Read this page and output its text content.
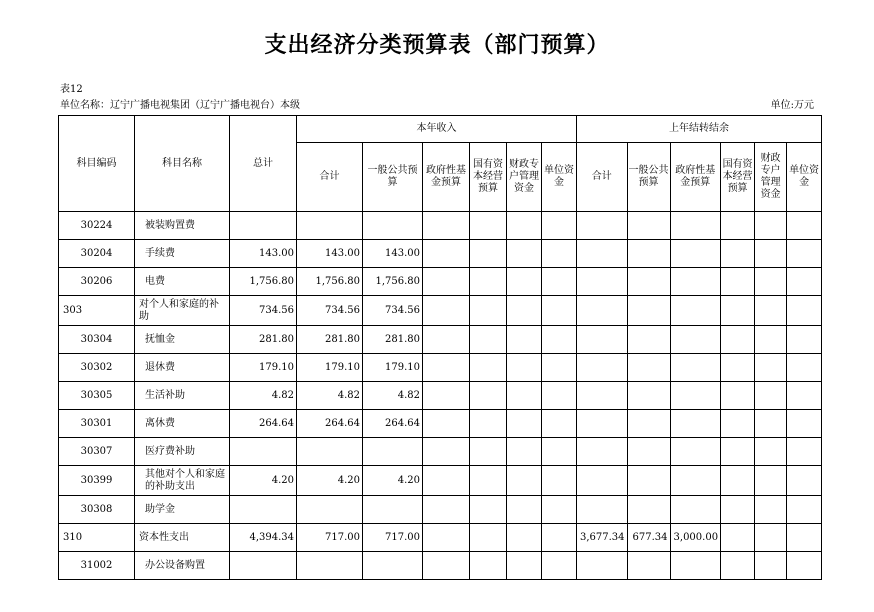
支出经济分类预算表（部门预算）
表12
单位名称：辽宁广播电视集团（辽宁广播电视台）本级	单位:万元
科目编码	科目名称	总计	本年收入						上年结转结余					
			合计	一般公共预算	政府性基金预算	国有资本经营预算	财政专户管理资金	单位资金	合计	一般公共预算	政府性基金预算	国有资本经营预算	财政专户管理资金	单位资金
30224	被装购置费													
30204	手续费	143.00	143.00	143.00										
30206	电费	1,756.80	1,756.80	1,756.80										
303	对个人和家庭的补助	734.56	734.56	734.56										
30304	抚恤金	281.80	281.80	281.80										
30302	退休费	179.10	179.10	179.10										
30305	生活补助	4.82	4.82	4.82										
30301	离休费	264.64	264.64	264.64										
30307	医疗费补助													
30399	其他对个人和家庭的补助支出	4.20	4.20	4.20										
30308	助学金													
310	资本性支出	4,394.34	717.00	717.00					3,677.34	677.34	3,000.00			
31002	办公设备购置													
